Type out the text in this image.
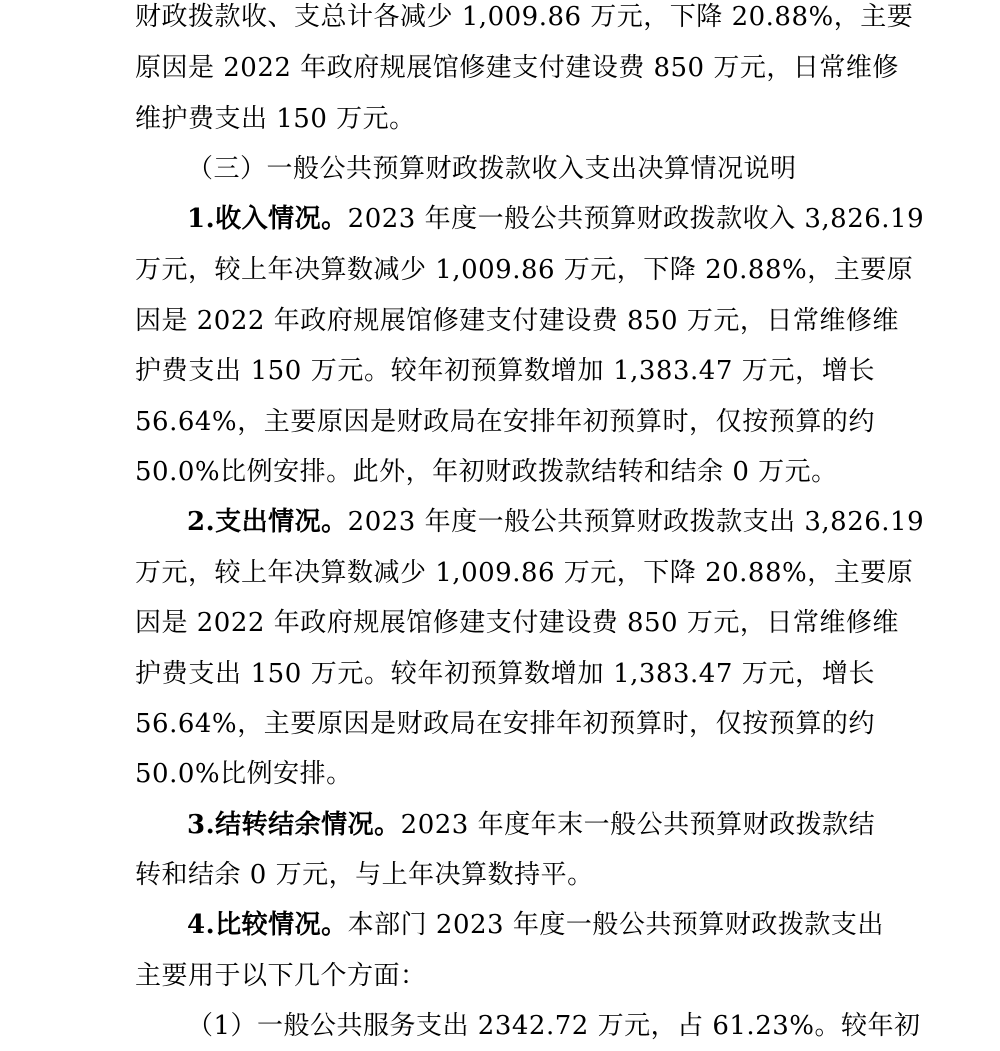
财政拨款收、支总计各减少 1,009.86 万元，下降 20.88%，主要
原因是 2022 年政府规展馆修建支付建设费 850 万元，日常维修
维护费支出 150 万元。
（三）一般公共预算财政拨款收入支出决算情况说明
1.收入情况。2023 年度一般公共预算财政拨款收入 3,826.19
万元，较上年决算数减少 1,009.86 万元，下降 20.88%，主要原
因是 2022 年政府规展馆修建支付建设费 850 万元，日常维修维
护费支出 150 万元。较年初预算数增加 1,383.47 万元，增长
56.64%，主要原因是财政局在安排年初预算时，仅按预算的约
50.0%比例安排。此外，年初财政拨款结转和结余 0 万元。
2.支出情况。2023 年度一般公共预算财政拨款支出 3,826.19
万元，较上年决算数减少 1,009.86 万元，下降 20.88%，主要原
因是 2022 年政府规展馆修建支付建设费 850 万元，日常维修维
护费支出 150 万元。较年初预算数增加 1,383.47 万元，增长
56.64%，主要原因是财政局在安排年初预算时，仅按预算的约
50.0%比例安排。
3.结转结余情况。2023 年度年末一般公共预算财政拨款结
转和结余 0 万元，与上年决算数持平。
4.比较情况。本部门 2023 年度一般公共预算财政拨款支出
主要用于以下几个方面：
（1）一般公共服务支出 2342.72 万元，占 61.23%。较年初
